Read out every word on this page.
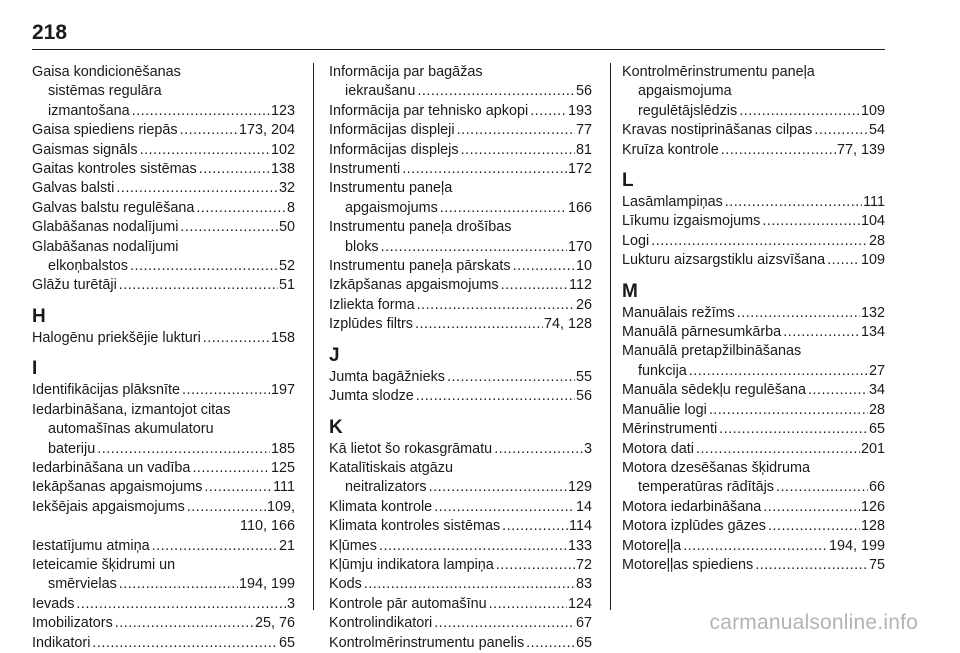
218
Gaisa kondicionēšanas
sistēmas regulāra
izmantošana .....	123
Gaisa spiediens riepās .....	173, 204
Gaismas signāls .....	102
Gaitas kontroles sistēmas .....	138
Galvas balsti .....	32
Galvas balstu regulēšana .....	8
Glabāšanas nodalījumi .....	50
Glabāšanas nodalījumi
elkoņbalstos .....	52
Glāžu turētāji .....	51
H
Halogēnu priekšējie lukturi .....	158
I
Identifikācijas plāksnīte .....	197
Iedarbināšana, izmantojot citas
automašīnas akumulatoru
bateriju .....	185
Iedarbināšana un vadība .....	125
Iekāpšanas apgaismojums .....	111
Iekšējais apgaismojums .....	109,
110, 166
Iestatījumu atmiņa .....	21
Ieteicamie šķidrumi un
smērvielas .....	194, 199
Ievads .....	3
Imobilizators .....	25, 76
Indikatori .....	65
Informācija par bagāžas
iekraušanu .....	56
Informācija par tehnisko apkopi .....	193
Informācijas displeji .....	77
Informācijas displejs .....	81
Instrumenti .....	172
Instrumentu paneļa
apgaismojums .....	166
Instrumentu paneļa drošības
bloks .....	170
Instrumentu paneļa pārskats .....	10
Izkāpšanas apgaismojums .....	112
Izliekta forma .....	26
Izplūdes filtrs .....	74, 128
J
Jumta bagāžnieks .....	55
Jumta slodze .....	56
K
Kā lietot šo rokasgrāmatu .....	3
Katalītiskais atgāzu
neitralizators .....	129
Klimata kontrole .....	14
Klimata kontroles sistēmas .....	114
Kļūmes .....	133
Kļūmju indikatora lampiņa .....	72
Kods .....	83
Kontrole pār automašīnu .....	124
Kontrolindikatori .....	67
Kontrolmērinstrumentu panelis .....	65
Kontrolmērinstrumentu paneļa
apgaismojuma
regulētājslēdzis .....	109
Kravas nostiprināšanas cilpas .....	54
Kruīza kontrole .....	77, 139
L
Lasāmlampiņas .....	111
Līkumu izgaismojums .....	104
Logi .....	28
Lukturu aizsargstiklu aizsvīšana ..... 109
M
Manuālais režīms .....	132
Manuālā pārnesumkārba .....	134
Manuālā pretapžilbināšanas
funkcija .....	27
Manuāla sēdekļu regulēšana .....	34
Manuālie logi .....	28
Mērinstrumenti .....	65
Motora dati .....	201
Motora dzesēšanas šķidruma
temperatūras rādītājs .....	66
Motora iedarbināšana .....	126
Motora izplūdes gāzes .....	128
Motoreļļa .....	194, 199
Motoreļļas spiediens .....	75
carmanualsonline.info
